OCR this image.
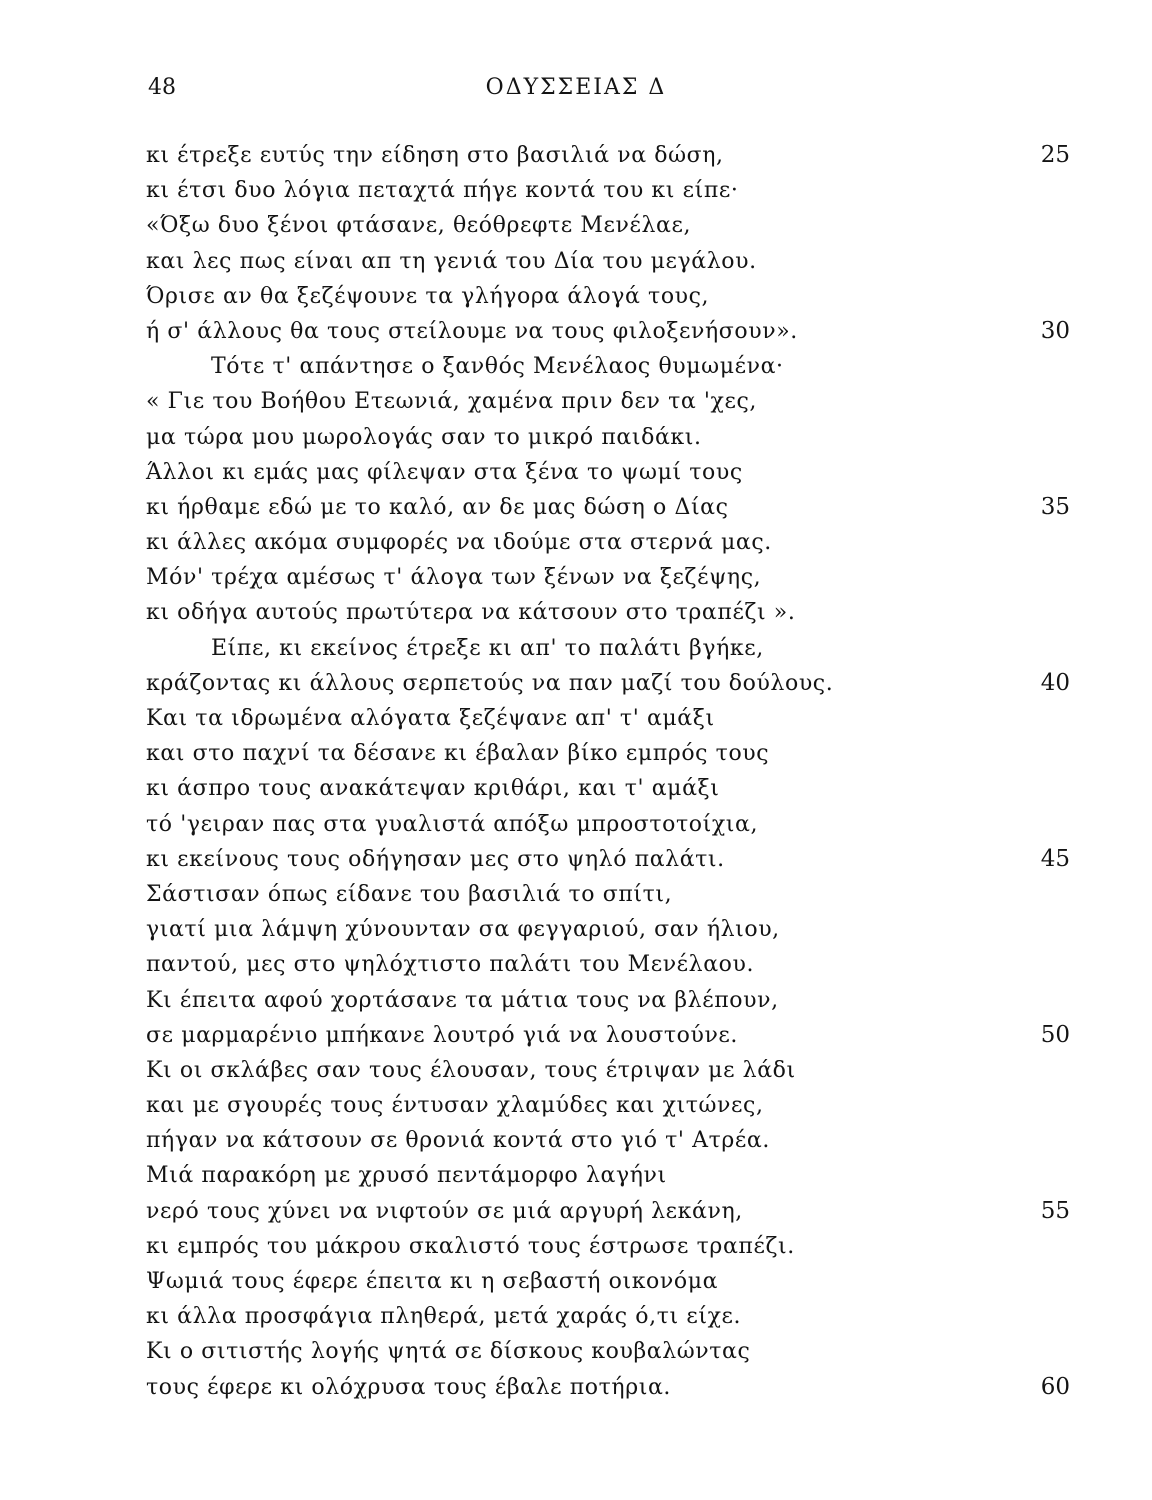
48	ΟΔΥΣΣΕΙΑΣ Δ
κι έτρεξε ευτύς την είδηση στο βασιλιά να δώση,	25
κι έτσι δυο λόγια πεταχτά πήγε κοντά του κι είπε·
«Όξω δυο ξένοι φτάσανε, θεόθρεφτε Μενέλαε,
και λες πως είναι απ τη γενιά του Δία του μεγάλου.
Όρισε αν θα ξεζέψουνε τα γλήγορα άλογά τους,
ή σ' άλλους θα τους στείλουμε να τους φιλοξενήσουν».	30
Τότε τ' απάντησε ο ξανθός Μενέλαος θυμωμένα·
« Γιε του Βοήθου Ετεωνιά, χαμένα πριν δεν τα 'χες,
μα τώρα μου μωρολογάς σαν το μικρό παιδάκι.
Άλλοι κι εμάς μας φίλεψαν στα ξένα το ψωμί τους
κι ήρθαμε εδώ με το καλό, αν δε μας δώση ο Δίας	35
κι άλλες ακόμα συμφορές να ιδούμε στα στερνά μας.
Μόν' τρέχα αμέσως τ' άλογα των ξένων να ξεζέψης,
κι οδήγα αυτούς πρωτύτερα να κάτσουν στο τραπέζι ».
Είπε, κι εκείνος έτρεξε κι απ' το παλάτι βγήκε,
κράζοντας κι άλλους σερπετούς να παν μαζί του δούλους.	40
Και τα ιδρωμένα αλόγατα ξεζέψανε απ' τ' αμάξι
και στο παχνί τα δέσανε κι έβαλαν βίκο εμπρός τους
κι άσπρο τους ανακάτεψαν κριθάρι, και τ' αμάξι
τό 'γειραν πας στα γυαλιστά απόξω μπροστοτοίχια,
κι εκείνους τους οδήγησαν μες στο ψηλό παλάτι.	45
Σάστισαν όπως είδανε του βασιλιά το σπίτι,
γιατί μια λάμψη χύνουνταν σα φεγγαριού, σαν ήλιου,
παντού, μες στο ψηλόχτιστο παλάτι του Μενέλαου.
Κι έπειτα αφού χορτάσανε τα μάτια τους να βλέπουν,
σε μαρμαρένιο μπήκανε λουτρό γιά να λουστούνε.	50
Κι οι σκλάβες σαν τους έλουσαν, τους έτριψαν με λάδι
και με σγουρές τους έντυσαν χλαμύδες και χιτώνες,
πήγαν να κάτσουν σε θρονιά κοντά στο γιό τ' Ατρέα.
Μιά παρακόρη με χρυσό πεντάμορφο λαγήνι
νερό τους χύνει να νιφτούν σε μιά αργυρή λεκάνη,	55
κι εμπρός του μάκρου σκαλιστό τους έστρωσε τραπέζι.
Ψωμιά τους έφερε έπειτα κι η σεβαστή οικονόμα
κι άλλα προσφάγια πληθερά, μετά χαράς ό,τι είχε.
Κι ο σιτιστής λογής ψητά σε δίσκους κουβαλώντας
τους έφερε κι ολόχρυσα τους έβαλε ποτήρια.	60
